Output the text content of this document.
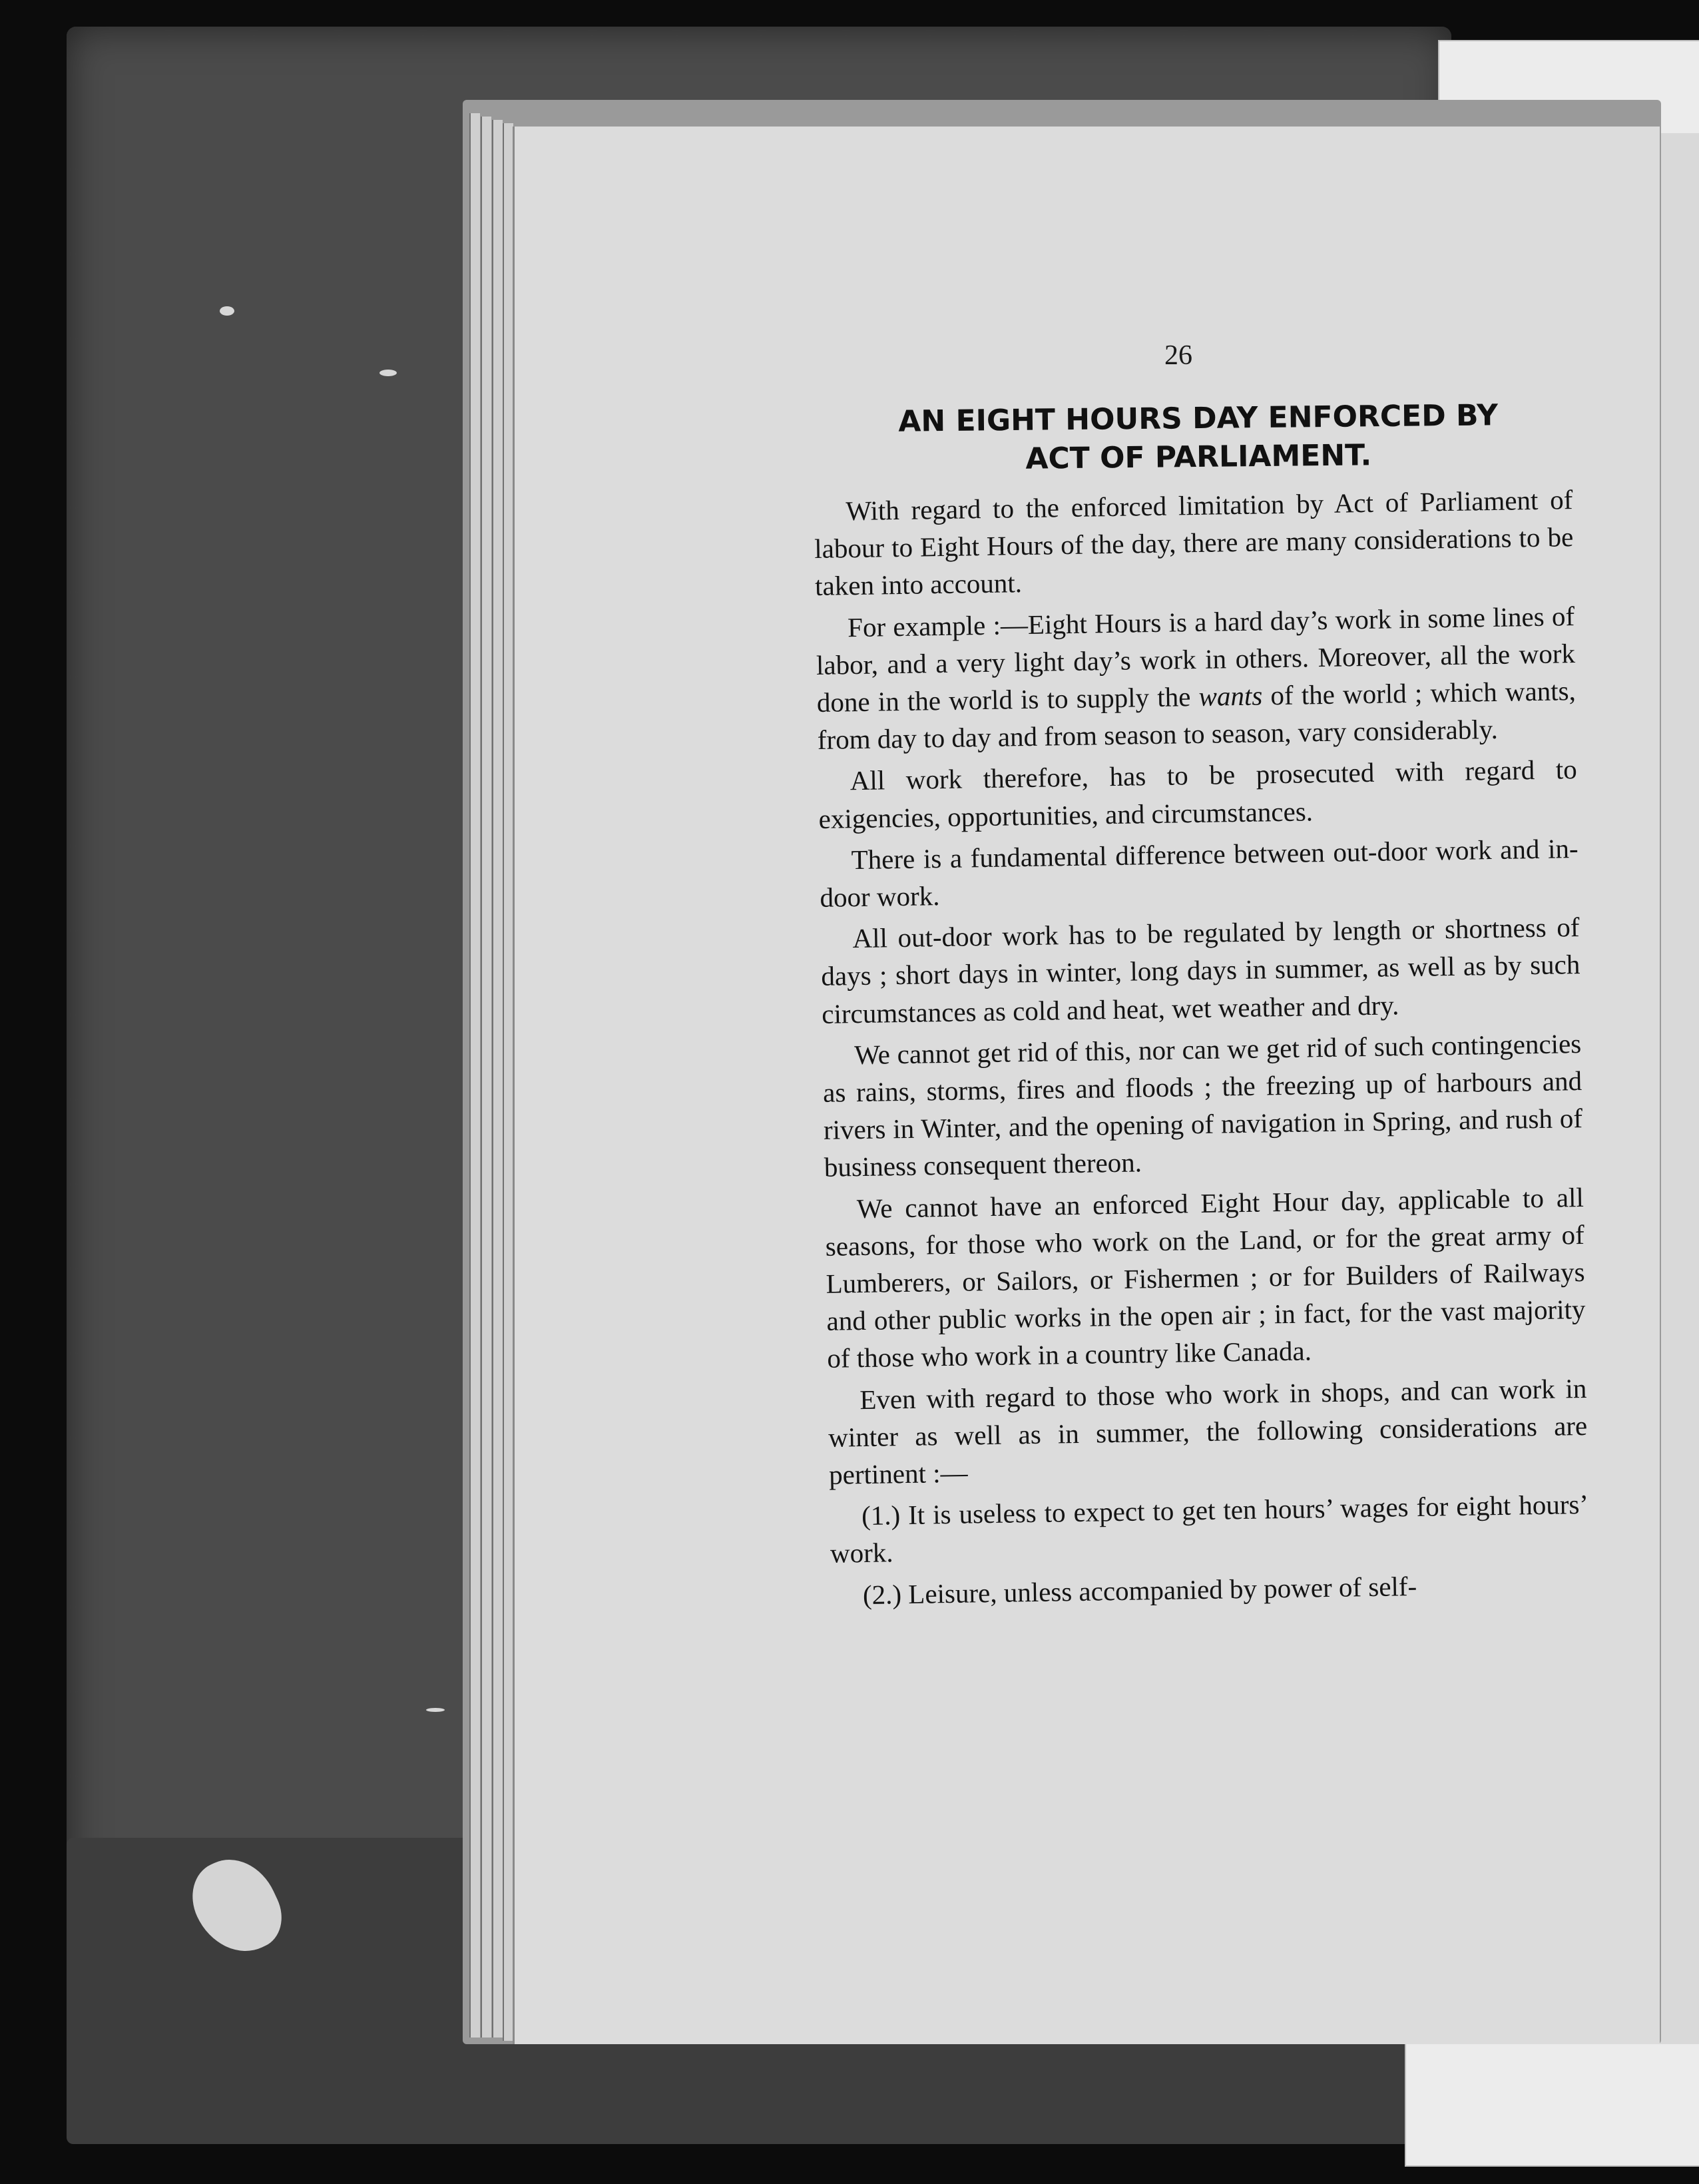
26
AN EIGHT HOURS DAY ENFORCED BY
ACT OF PARLIAMENT.

With regard to the enforced limitation by Act of Parliament of labour to Eight Hours of the day, there are many considerations to be taken into account.

For example :—Eight Hours is a hard day’s work in some lines of labor, and a very light day’s work in others. Moreover, all the work done in the world is to supply the wants of the world ; which wants, from day to day and from season to season, vary considerably.

All work therefore, has to be prosecuted with regard to exigencies, opportunities, and circumstances.

There is a fundamental difference between out-door work and in-door work.

All out-door work has to be regulated by length or shortness of days ; short days in winter, long days in summer, as well as by such circumstances as cold and heat, wet weather and dry.

We cannot get rid of this, nor can we get rid of such contingencies as rains, storms, fires and floods ; the freezing up of harbours and rivers in Winter, and the opening of navigation in Spring, and rush of business consequent thereon.

We cannot have an enforced Eight Hour day, applicable to all seasons, for those who work on the Land, or for the great army of Lumberers, or Sailors, or Fishermen ; or for Builders of Railways and other public works in the open air ; in fact, for the vast majority of those who work in a country like Canada.

Even with regard to those who work in shops, and can work in winter as well as in summer, the following considerations are pertinent :—

(1.) It is useless to expect to get ten hours’ wages for eight hours’ work.

(2.) Leisure, unless accompanied by power of self-
